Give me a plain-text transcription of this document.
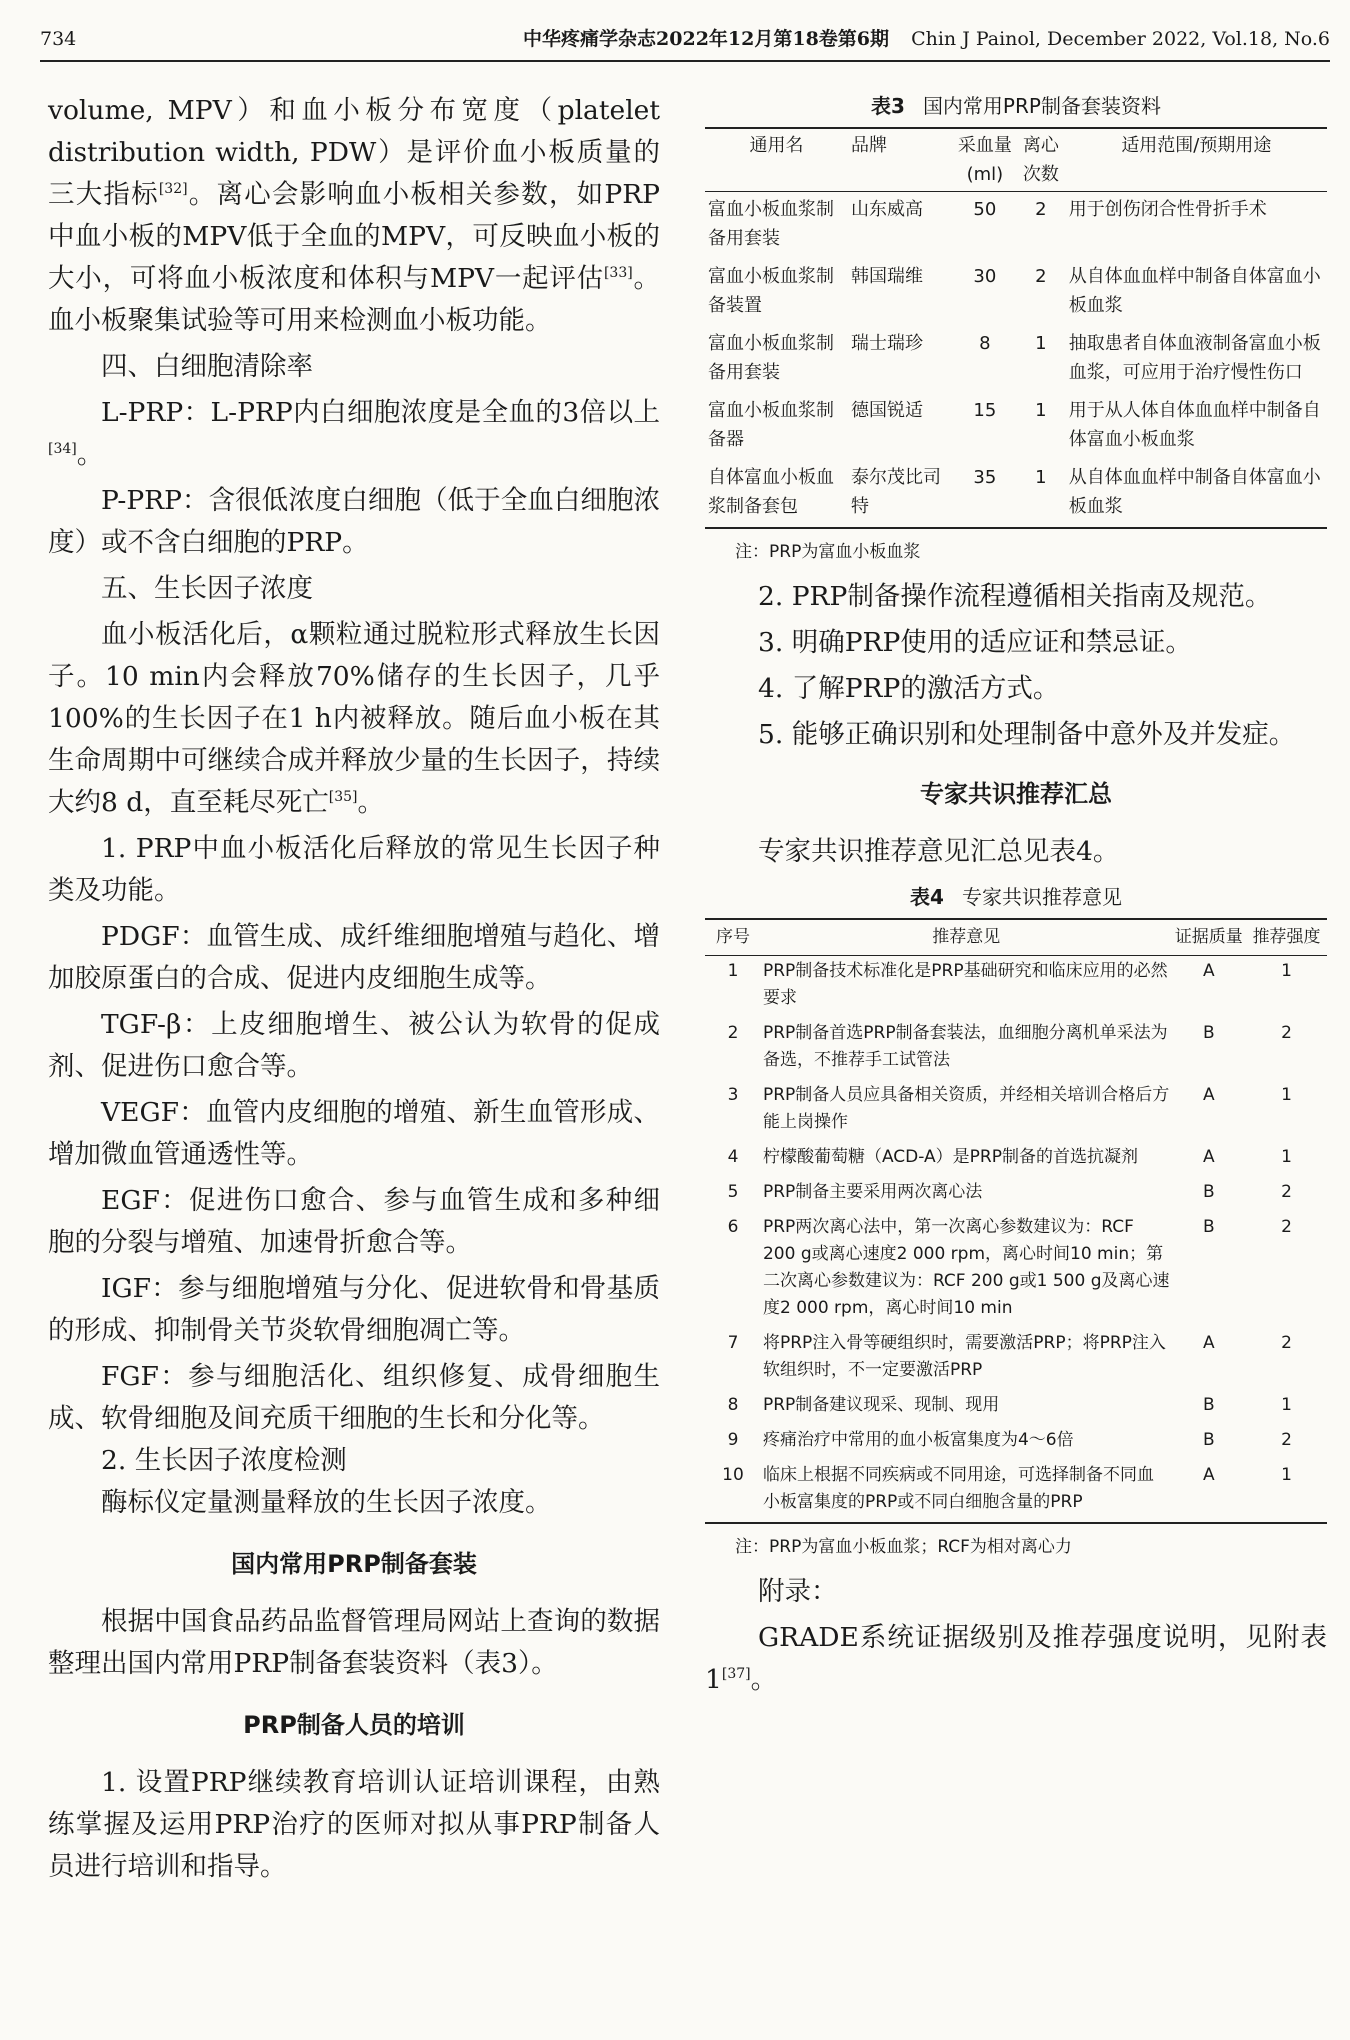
734	中华疼痛学杂志2022年12月第18卷第6期 Chin J Painol, December 2022, Vol.18, No.6

volume, MPV）和血小板分布宽度（platelet distribution width, PDW）是评价血小板质量的三大指标[32]。离心会影响血小板相关参数，如PRP中血小板的MPV低于全血的MPV，可反映血小板的大小，可将血小板浓度和体积与MPV一起评估[33]。血小板聚集试验等可用来检测血小板功能。

四、白细胞清除率

L-PRP：L-PRP内白细胞浓度是全血的3倍以上[34]。

P-PRP：含很低浓度白细胞（低于全血白细胞浓度）或不含白细胞的PRP。

五、生长因子浓度

血小板活化后，α颗粒通过脱粒形式释放生长因子。10 min内会释放70%储存的生长因子，几乎100%的生长因子在1 h内被释放。随后血小板在其生命周期中可继续合成并释放少量的生长因子，持续大约8 d，直至耗尽死亡[35]。

1. PRP中血小板活化后释放的常见生长因子种类及功能。

PDGF：血管生成、成纤维细胞增殖与趋化、增加胶原蛋白的合成、促进内皮细胞生成等。

TGF-β：上皮细胞增生、被公认为软骨的促成剂、促进伤口愈合等。

VEGF：血管内皮细胞的增殖、新生血管形成、增加微血管通透性等。

EGF：促进伤口愈合、参与血管生成和多种细胞的分裂与增殖、加速骨折愈合等。

IGF：参与细胞增殖与分化、促进软骨和骨基质的形成、抑制骨关节炎软骨细胞凋亡等。

FGF：参与细胞活化、组织修复、成骨细胞生成、软骨细胞及间充质干细胞的生长和分化等。

2. 生长因子浓度检测

酶标仪定量测量释放的生长因子浓度。

国内常用PRP制备套装

根据中国食品药品监督管理局网站上查询的数据整理出国内常用PRP制备套装资料（表3）。

PRP制备人员的培训

1. 设置PRP继续教育培训认证培训课程，由熟练掌握及运用PRP治疗的医师对拟从事PRP制备人员进行培训和指导。

表3 国内常用PRP制备套装资料
通用名	品牌	采血量(ml)	离心次数	适用范围/预期用途
富血小板血浆制备用套装	山东威高	50	2	用于创伤闭合性骨折手术
富血小板血浆制备装置	韩国瑞维	30	2	从自体血血样中制备自体富血小板血浆
富血小板血浆制备用套装	瑞士瑞珍	8	1	抽取患者自体血液制备富血小板血浆，可应用于治疗慢性伤口
富血小板血浆制备器	德国锐适	15	1	用于从人体自体血血样中制备自体富血小板血浆
自体富血小板血浆制备套包	泰尔茂比司特	35	1	从自体血血样中制备自体富血小板血浆
注：PRP为富血小板血浆

2. PRP制备操作流程遵循相关指南及规范。

3. 明确PRP使用的适应证和禁忌证。

4. 了解PRP的激活方式。

5. 能够正确识别和处理制备中意外及并发症。

专家共识推荐汇总

专家共识推荐意见汇总见表4。

表4 专家共识推荐意见
序号	推荐意见	证据质量	推荐强度
1	PRP制备技术标准化是PRP基础研究和临床应用的必然要求	A	1
2	PRP制备首选PRP制备套装法，血细胞分离机单采法为备选，不推荐手工试管法	B	2
3	PRP制备人员应具备相关资质，并经相关培训合格后方能上岗操作	A	1
4	柠檬酸葡萄糖（ACD-A）是PRP制备的首选抗凝剂	A	1
5	PRP制备主要采用两次离心法	B	2
6	PRP两次离心法中，第一次离心参数建议为：RCF 200 g或离心速度2 000 rpm，离心时间10 min；第二次离心参数建议为：RCF 200 g或1 500 g及离心速度2 000 rpm，离心时间10 min	B	2
7	将PRP注入骨等硬组织时，需要激活PRP；将PRP注入软组织时，不一定要激活PRP	A	2
8	PRP制备建议现采、现制、现用	B	1
9	疼痛治疗中常用的血小板富集度为4～6倍	B	2
10	临床上根据不同疾病或不同用途，可选择制备不同血小板富集度的PRP或不同白细胞含量的PRP	A	1
注：PRP为富血小板血浆；RCF为相对离心力

附录：

GRADE系统证据级别及推荐强度说明，见附表1[37]。
